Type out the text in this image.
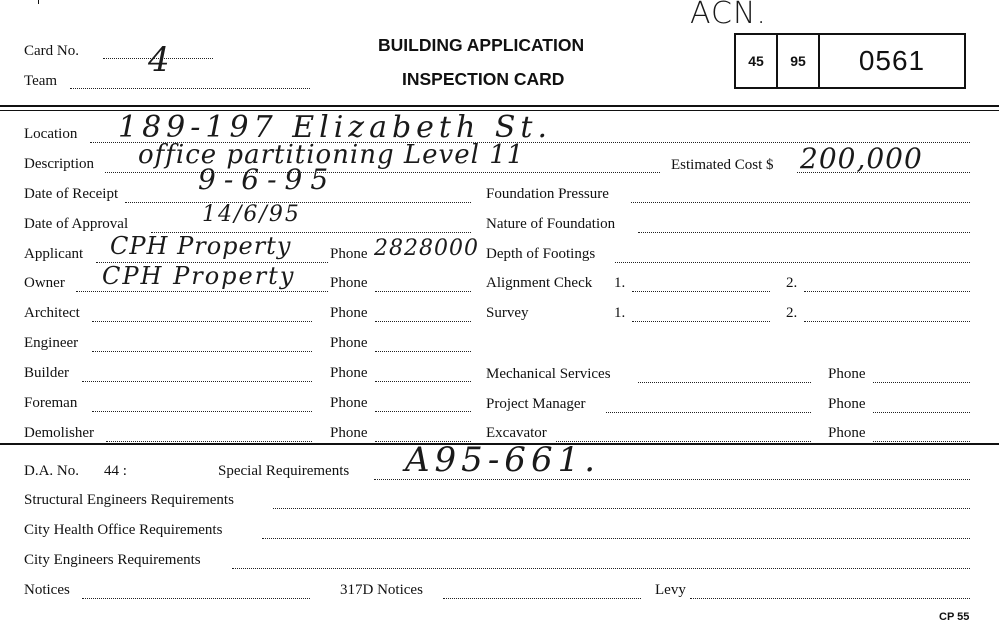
Card No. 4
Team
BUILDING APPLICATION
INSPECTION CARD
ACN.
45	95	0561
Location 189-197 Elizabeth St.
Description office partitioning Level 11	Estimated Cost $ 200,000
Date of Receipt	9-6-95	Foundation Pressure
Date of Approval	14/6/95	Nature of Foundation
Applicant CPH Property	Phone 2828000 Depth of Footings
Owner CPH Property Phone	Alignment Check 1.	2.
Architect	Phone	Survey	1.	2.
Engineer	Phone
Builder	Phone	Mechanical Services	Phone
Foreman	Phone	Project Manager	Phone
Demolisher	Phone	Excavator	Phone
D.A. No. 44 :	Special Requirements A95-661.
Structural Engineers Requirements
City Health Office Requirements
City Engineers Requirements
Notices	317D Notices	Levy
CP 55
